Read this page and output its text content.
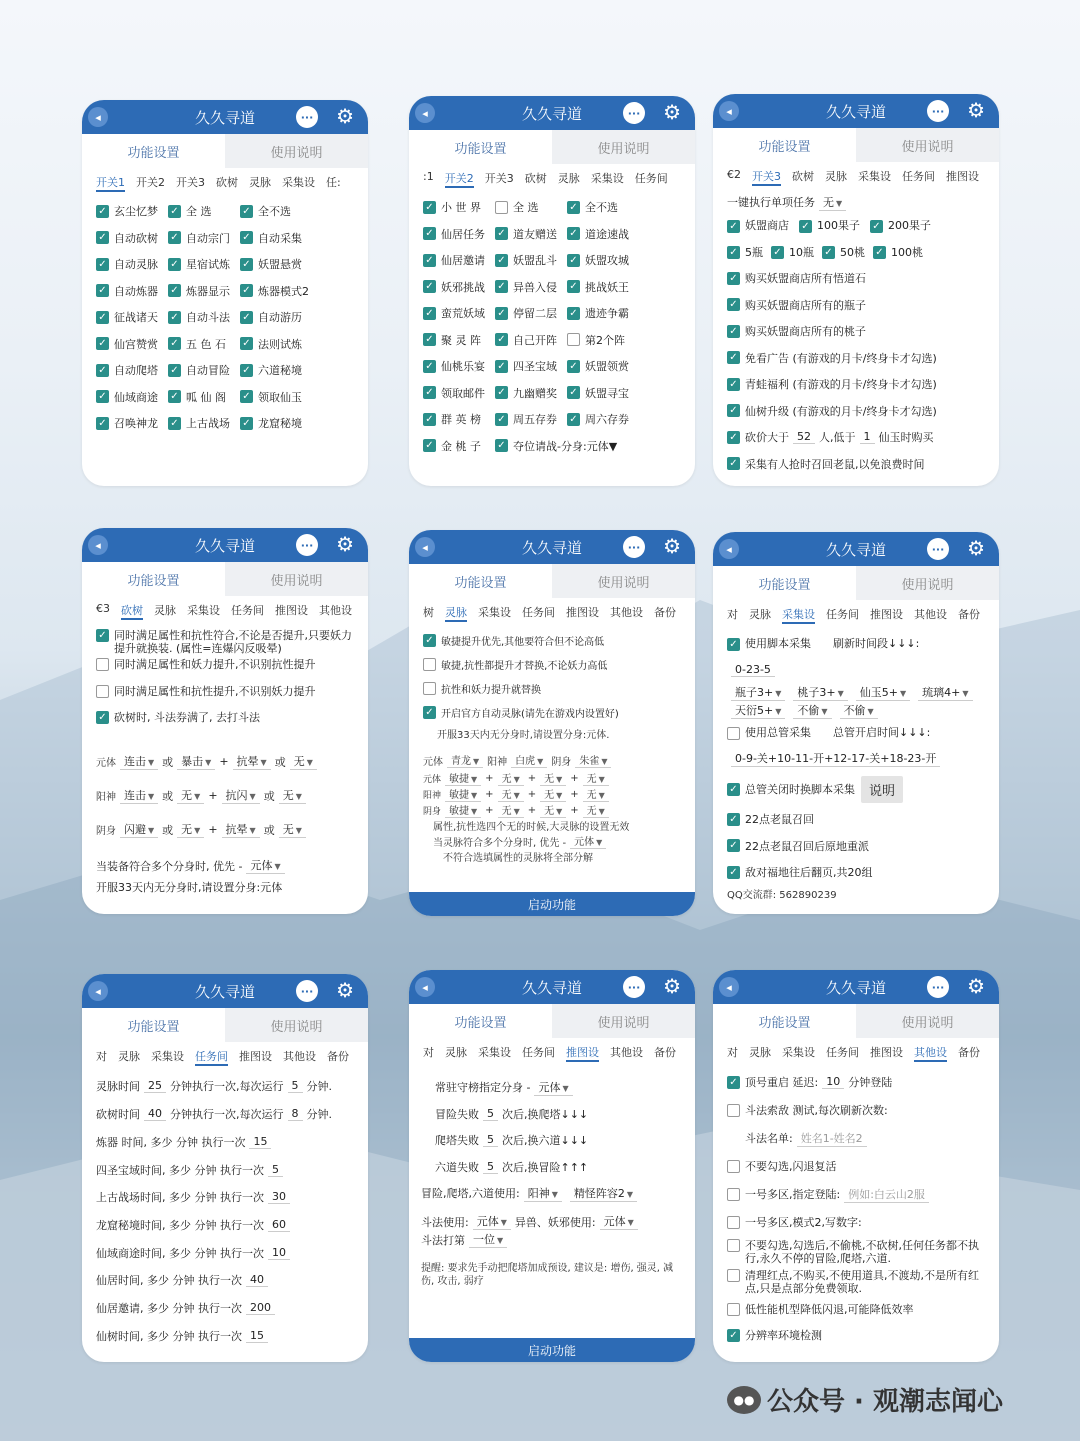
◂	久久寻道	··· ⚙
功能设置	使用说明
开关1 开关2 开关3 砍树 灵脉 采集设 任:
✓ 玄尘忆梦 ✓ 全 选	✓ 全不选
✓ 自动砍树 ✓ 自动宗门 ✓ 自动采集
✓ 自动灵脉 ✓ 星宿试炼 ✓ 妖盟悬赏
✓ 自动炼器 ✓ 炼器显示 ✓ 炼器模式2
✓ 征战诸天 ✓ 自动斗法 ✓ 自动游历
✓ 仙宫赞赏 ✓ 五 色 石 ✓ 法则试炼
✓ 自动爬塔 ✓ 自动冒险 ✓ 六道秘境
✓ 仙域商途 ✓ 呱 仙 阁 ✓ 领取仙玉
✓ 召唤神龙 ✓ 上古战场 ✓ 龙窟秘境
◂	久久寻道	··· ⚙
功能设置	使用说明
:1 开关2 开关3 砍树 灵脉 采集设 任务间
✓ 小 世 界	全 选	✓ 全不选
✓ 仙居任务 ✓ 道友赠送 ✓ 道途速战
✓ 仙居邀请 ✓ 妖盟乱斗 ✓ 妖盟攻城
✓ 妖邪挑战 ✓ 异兽入侵 ✓ 挑战妖王
✓ 蛮荒妖域 ✓ 停留二层 ✓ 遗迹争霸
✓ 聚 灵 阵 ✓ 自己开阵	第2个阵
✓ 仙桃乐宴 ✓ 四圣宝域 ✓ 妖盟领赏
✓ 领取邮件 ✓ 九幽赠奖 ✓ 妖盟寻宝
✓ 群 英 榜 ✓ 周五存券 ✓ 周六存券
✓ 金 桃 子 ✓ 夺位请战-分身: 元体▼
◂	久久寻道	··· ⚙
功能设置	使用说明
€2 开关3 砍树 灵脉 采集设 任务间 推图设
一键执行单项任务 无 ▼
✓ 妖盟商店 ✓ 100果子 ✓ 200果子
✓ 5瓶 ✓ 10瓶 ✓ 50桃 ✓ 100桃
✓ 购买妖盟商店所有悟道石
✓ 购买妖盟商店所有的瓶子
✓ 购买妖盟商店所有的桃子
✓ 免看广告 (有游戏的月卡/终身卡才勾选)
✓ 青蛙福利 (有游戏的月卡/终身卡才勾选)
✓ 仙树升级 (有游戏的月卡/终身卡才勾选)
✓ 砍价大于 52 人,低于 1 仙玉时购买
✓ 采集有人抢时召回老鼠,以免浪费时间
◂	久久寻道	··· ⚙
功能设置	使用说明
€3 砍树 灵脉 采集设 任务间 推图设 其他设
✓ 同时满足属性和抗性符合,不论是否提升,只要妖力提升就换装. (属性=连爆闪反吸晕)
同时满足属性和妖力提升,不识别抗性提升
同时满足属性和抗性提升,不识别妖力提升
✓ 砍树时, 斗法券满了, 去打斗法
元体 连击 ▼ 或 暴击 ▼ + 抗晕 ▼ 或 无 ▼
阳神 连击 ▼ 或 无 ▼ + 抗闪 ▼ 或 无 ▼
阴身 闪避 ▼ 或 无 ▼ + 抗晕 ▼ 或 无 ▼
当装备符合多个分身时, 优先 - 元体 ▼
开服33天内无分身时,请设置分身:元体
◂	久久寻道	··· ⚙
功能设置	使用说明
树 灵脉 采集设 任务间 推图设 其他设 备份
✓ 敏捷提升优先,其他要符合但不论高低
敏捷,抗性都提升才替换,不论妖力高低
抗性和妖力提升就替换
✓ 开启官方自动灵脉(请先在游戏内设置好)
开服33天内无分身时,请设置分身:元体.
元体 青龙 ▼ 阳神 白虎 ▼ 阴身 朱雀 ▼
元体 敏捷 ▼ + 无 ▼ + 无 ▼ + 无 ▼
阳神 敏捷 ▼ + 无 ▼ + 无 ▼ + 无 ▼
阴身 敏捷 ▼ + 无 ▼ + 无 ▼ + 无 ▼
属性,抗性选四个无的时候,大灵脉的设置无效
当灵脉符合多个分身时, 优先 - 元体 ▼
不符合选填属性的灵脉将全部分解
启动功能
◂	久久寻道	··· ⚙
功能设置	使用说明
对 灵脉 采集设 任务间 推图设 其他设 备份
✓ 使用脚本采集 刷新时间段↓↓↓:
0-23-5
瓶子3+ ▼	桃子3+ ▼	仙玉5+ ▼	琉璃4+ ▼
天衍5+ ▼	不偷 ▼	不偷 ▼
使用总管采集 总管开启时间↓↓↓:
0-9-关+10-11-开+12-17-关+18-23-开
✓ 总管关闭时换脚本采集	说明
✓ 22点老鼠召回
✓ 22点老鼠召回后原地重派
✓ 敌对福地往后翻页,共20组
QQ交流群: 562890239
◂	久久寻道	··· ⚙
功能设置	使用说明
对 灵脉 采集设 任务间 推图设 其他设 备份
灵脉时间 25 分钟执行一次,每次运行 5 分钟.
砍树时间 40 分钟执行一次,每次运行 8 分钟.
炼器 时间, 多少 分钟 执行一次 15
四圣宝域时间, 多少 分钟 执行一次 5
上古战场时间, 多少 分钟 执行一次 30
龙窟秘境时间, 多少 分钟 执行一次 60
仙域商途时间, 多少 分钟 执行一次 10
仙居时间, 多少 分钟 执行一次 40
仙居邀请, 多少 分钟 执行一次 200
仙树时间, 多少 分钟 执行一次 15
◂	久久寻道	··· ⚙
功能设置	使用说明
对 灵脉 采集设 任务间 推图设 其他设 备份
常驻守榜指定分身 - 元体 ▼
冒险失败 5 次后,换爬塔↓↓↓
爬塔失败 5 次后,换六道↓↓↓
六道失败 5 次后,换冒险↑↑↑
冒险,爬塔,六道使用: 阳神 ▼	精怪阵容2 ▼
斗法使用: 元体 ▼ 异兽、妖邪使用: 元体 ▼
斗法打第 一位 ▼
提醒: 要求先手动把爬塔加成预设, 建议是: 增伤, 强灵, 减伤, 攻击, 弱疗
启动功能
◂	久久寻道	··· ⚙
功能设置	使用说明
对 灵脉 采集设 任务间 推图设 其他设 备份
✓ 顶号重启 延迟: 10 分钟登陆
斗法索敌 测试,每次刷新次数:
斗法名单: 姓名1-姓名2
不要勾选,闪退复活
一号多区,指定登陆: 例如:白云山2服
一号多区,模式2,写数字:
不要勾选,勾选后,不偷桃,不砍树,任何任务都不执行,永久不停的冒险,爬塔,六道.
清理红点,不购买,不使用道具,不渡劫,不是所有红点,只是点部分免费领取.
低性能机型降低闪退,可能降低效率
✓ 分辨率环境检测
●● 公众号 · 观潮志闻心
